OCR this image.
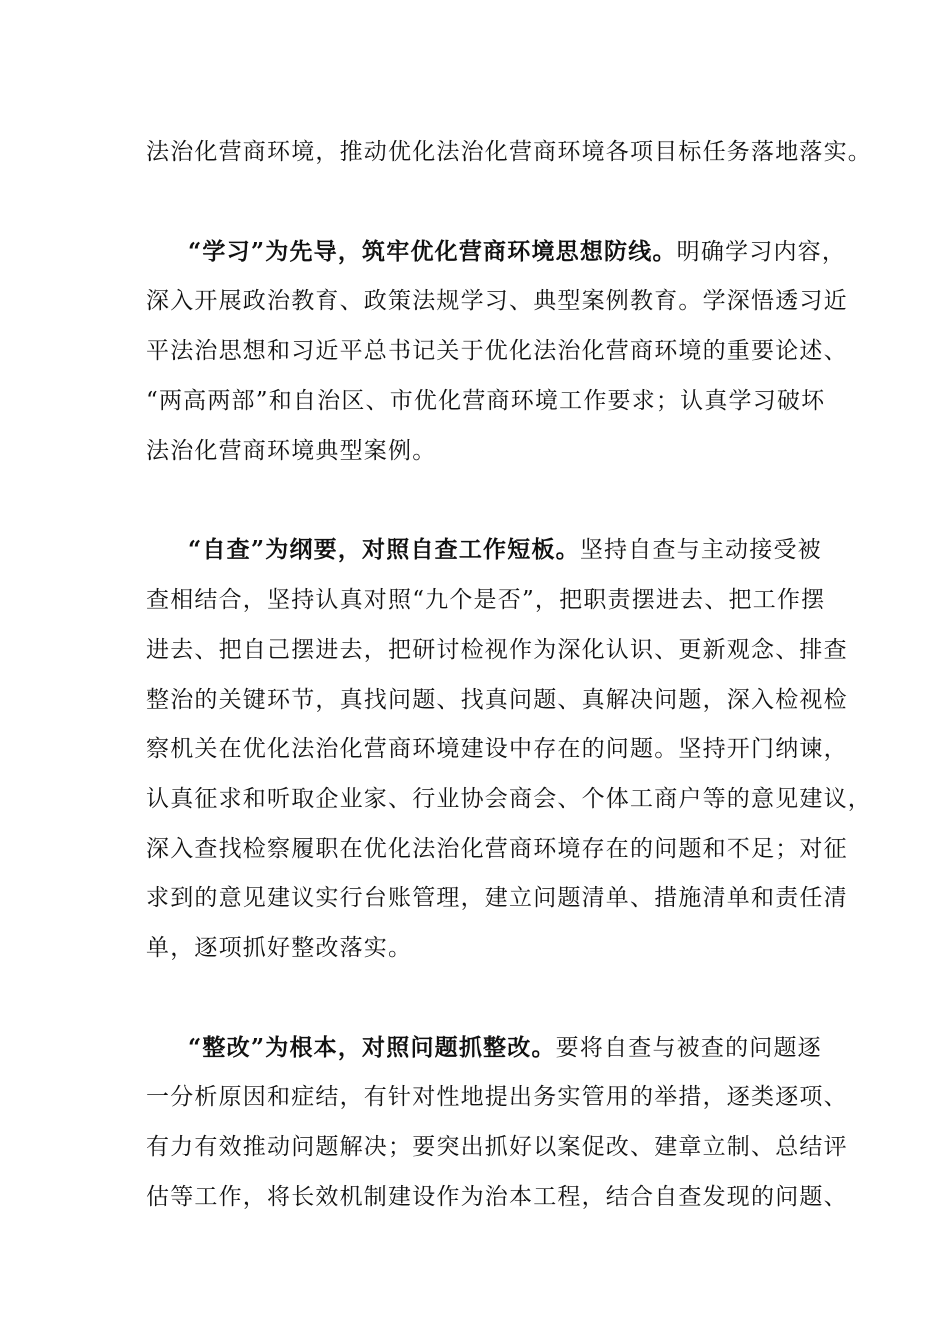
法治化营商环境，推动优化法治化营商环境各项目标任务落地落实。
“学习”为先导，筑牢优化营商环境思想防线。明确学习内容，
深入开展政治教育、政策法规学习、典型案例教育。学深悟透习近
平法治思想和习近平总书记关于优化法治化营商环境的重要论述、
“两高两部”和自治区、市优化营商环境工作要求；认真学习破坏
法治化营商环境典型案例。
“自查”为纲要，对照自查工作短板。坚持自查与主动接受被
查相结合，坚持认真对照“九个是否”，把职责摆进去、把工作摆
进去、把自己摆进去，把研讨检视作为深化认识、更新观念、排查
整治的关键环节，真找问题、找真问题、真解决问题，深入检视检
察机关在优化法治化营商环境建设中存在的问题。坚持开门纳谏，
认真征求和听取企业家、行业协会商会、个体工商户等的意见建议，
深入查找检察履职在优化法治化营商环境存在的问题和不足；对征
求到的意见建议实行台账管理，建立问题清单、措施清单和责任清
单，逐项抓好整改落实。
“整改”为根本，对照问题抓整改。要将自查与被查的问题逐
一分析原因和症结，有针对性地提出务实管用的举措，逐类逐项、
有力有效推动问题解决；要突出抓好以案促改、建章立制、总结评
估等工作，将长效机制建设作为治本工程，结合自查发现的问题、
